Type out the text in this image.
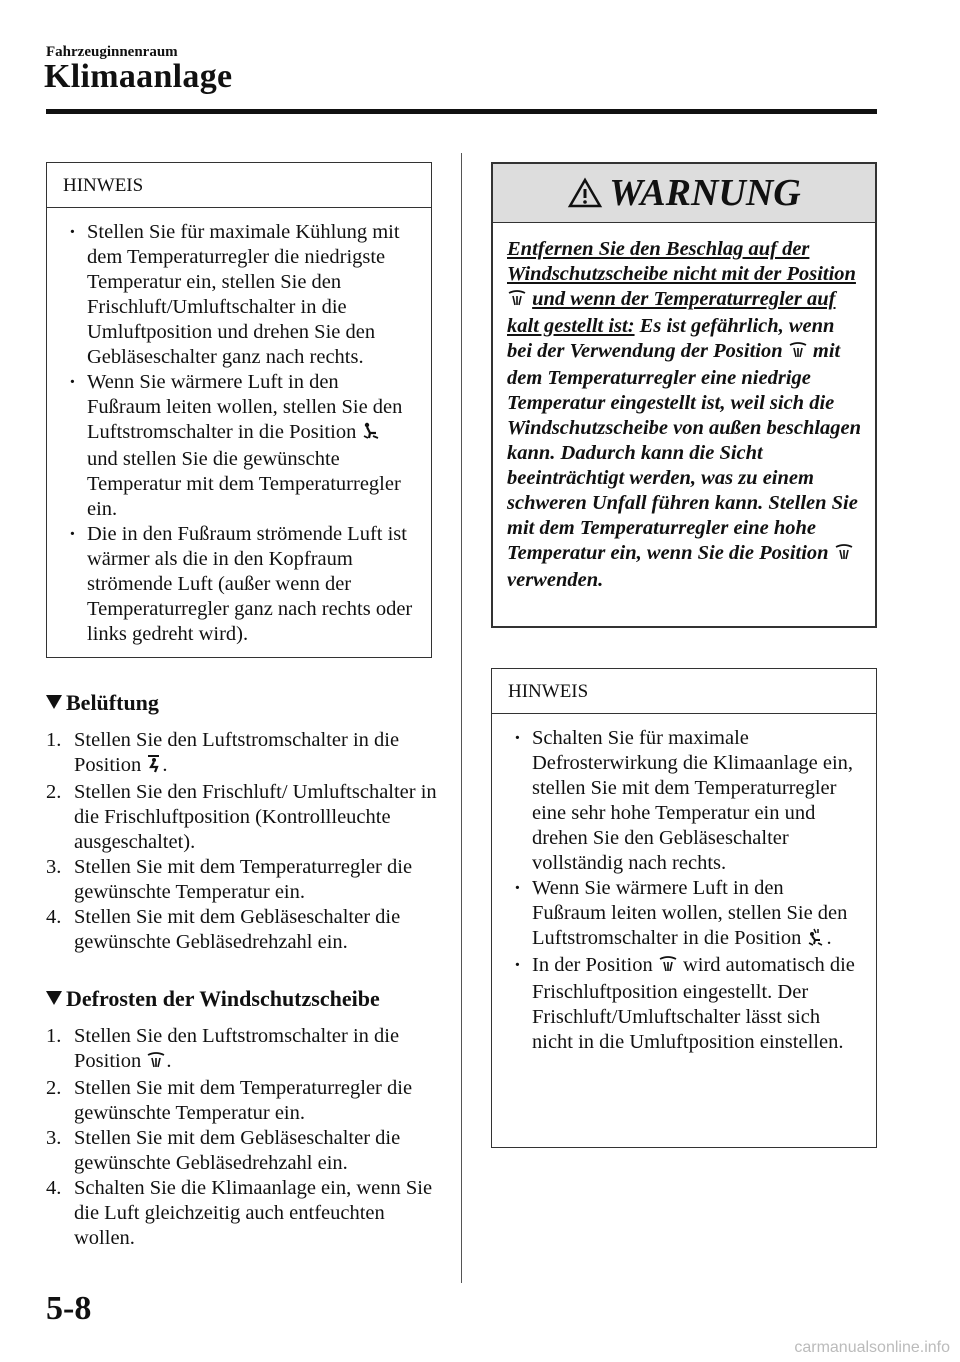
Fahrzeuginnenraum
Klimaanlage
HINWEIS

· Stellen Sie für maximale Kühlung mit dem Temperaturregler die niedrigste Temperatur ein, stellen Sie den Frischluft/Umluftschalter in die Umluftposition und drehen Sie den Gebläseschalter ganz nach rechts.

· Wenn Sie wärmere Luft in den Fußraum leiten wollen, stellen Sie den Luftstromschalter in die Position  und stellen Sie die gewünschte Temperatur mit dem Temperaturregler ein.

· Die in den Fußraum strömende Luft ist wärmer als die in den Kopfraum strömende Luft (außer wenn der Temperaturregler ganz nach rechts oder links gedreht wird).

Belüftung
1. Stellen Sie den Luftstromschalter in die Position .
2. Stellen Sie den Frischluft/ Umluftschalter in die Frischluftposition (Kontrollleuchte ausgeschaltet).
3. Stellen Sie mit dem Temperaturregler die gewünschte Temperatur ein.
4. Stellen Sie mit dem Gebläseschalter die gewünschte Gebläsedrehzahl ein.
Defrosten der Windschutzscheibe
1. Stellen Sie den Luftstromschalter in die Position .
2. Stellen Sie mit dem Temperaturregler die gewünschte Temperatur ein.
3. Stellen Sie mit dem Gebläseschalter die gewünschte Gebläsedrehzahl ein.
4. Schalten Sie die Klimaanlage ein, wenn Sie die Luft gleichzeitig auch entfeuchten wollen.
WARNUNG
Entfernen Sie den Beschlag auf der Windschutzscheibe nicht mit der Position  und wenn der Temperaturregler auf kalt gestellt ist: Es ist gefährlich, wenn bei der Verwendung der Position mit dem Temperaturregler eine niedrige Temperatur eingestellt ist, weil sich die Windschutzscheibe von außen beschlagen kann. Dadurch kann die Sicht beeinträchtigt werden, was zu einem schweren Unfall führen kann. Stellen Sie mit dem Temperaturregler eine hohe Temperatur ein, wenn Sie die Position  verwenden.
HINWEIS

· Schalten Sie für maximale Defrosterwirkung die Klimaanlage ein, stellen Sie mit dem Temperaturregler eine sehr hohe Temperatur ein und drehen Sie den Gebläseschalter vollständig nach rechts.

· Wenn Sie wärmere Luft in den Fußraum leiten wollen, stellen Sie den Luftstromschalter in die Position .

· In der Position wird automatisch die Frischluftposition eingestellt. Der Frischluft/Umluftschalter lässt sich nicht in die Umluftposition einstellen.

5-8
carmanualsonline.info
